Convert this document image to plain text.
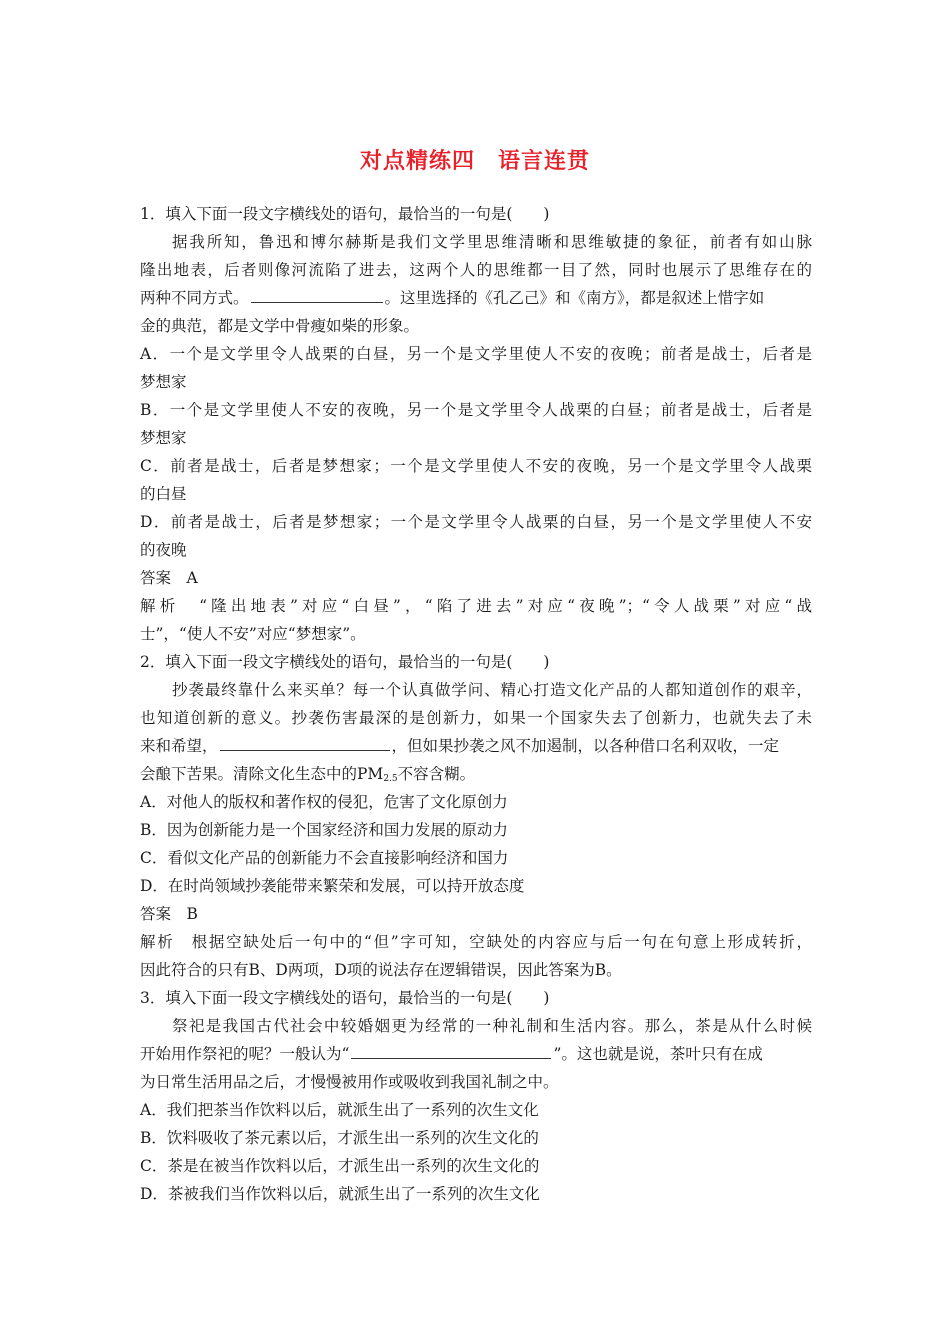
对点精练四　语言连贯
1．填入下面一段文字横线处的语句，最恰当的一句是(　　)
据我所知，鲁迅和博尔赫斯是我们文学里思维清晰和思维敏捷的象征，前者有如山脉
隆出地表，后者则像河流陷了进去，这两个人的思维都一目了然，同时也展示了思维存在的
两种不同方式。	。这里选择的《孔乙己》和《南方》，都是叙述上惜字如
金的典范，都是文学中骨瘦如柴的形象。
A．一个是文学里令人战栗的白昼，另一个是文学里使人不安的夜晚；前者是战士，后者是
梦想家
B．一个是文学里使人不安的夜晚，另一个是文学里令人战栗的白昼；前者是战士，后者是
梦想家
C．前者是战士，后者是梦想家；一个是文学里使人不安的夜晚，另一个是文学里令人战栗
的白昼
D．前者是战士，后者是梦想家；一个是文学里令人战栗的白昼，另一个是文学里使人不安
的夜晚
答案　A
解析　“隆出地表”对应“白昼”，“陷了进去”对应“夜晚”；“令人战栗”对应“战
士”，“使人不安”对应“梦想家”。
2．填入下面一段文字横线处的语句，最恰当的一句是(　　)
抄袭最终靠什么来买单？每一个认真做学问、精心打造文化产品的人都知道创作的艰辛，
也知道创新的意义。抄袭伤害最深的是创新力，如果一个国家失去了创新力，也就失去了未
来和希望，	，但如果抄袭之风不加遏制，以各种借口名利双收，一定
会酿下苦果。清除文化生态中的$PM_{2.5}$不容含糊。
A．对他人的版权和著作权的侵犯，危害了文化原创力
B．因为创新能力是一个国家经济和国力发展的原动力
C．看似文化产品的创新能力不会直接影响经济和国力
D．在时尚领域抄袭能带来繁荣和发展，可以持开放态度
答案　B
解析　根据空缺处后一句中的“但”字可知，空缺处的内容应与后一句在句意上形成转折，
因此符合的只有B、D两项，D项的说法存在逻辑错误，因此答案为B。
3．填入下面一段文字横线处的语句，最恰当的一句是(　　)
祭祀是我国古代社会中较婚姻更为经常的一种礼制和生活内容。那么，茶是从什么时候
开始用作祭祀的呢？一般认为“	”。这也就是说，茶叶只有在成
为日常生活用品之后，才慢慢被用作或吸收到我国礼制之中。
A．我们把茶当作饮料以后，就派生出了一系列的次生文化
B．饮料吸收了茶元素以后，才派生出一系列的次生文化的
C．茶是在被当作饮料以后，才派生出一系列的次生文化的
D．茶被我们当作饮料以后，就派生出了一系列的次生文化
